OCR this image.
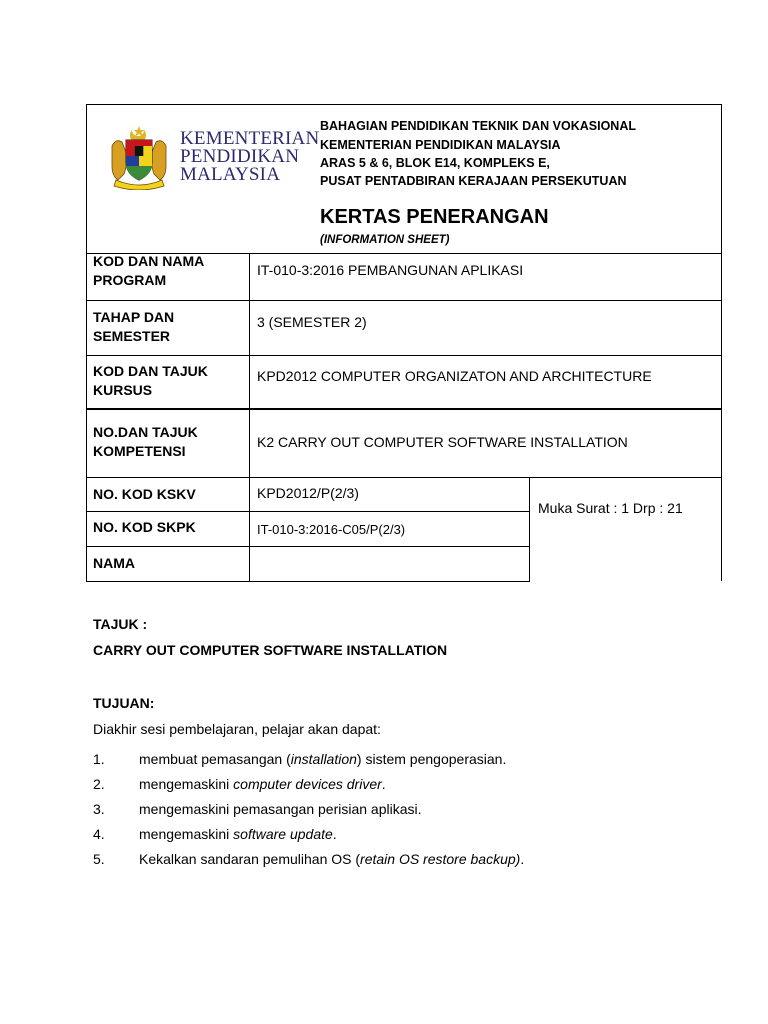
KEMENTERIAN
PENDIDIKAN
MALAYSIA
BAHAGIAN PENDIDIKAN TEKNIK DAN VOKASIONAL
KEMENTERIAN PENDIDIKAN MALAYSIA
ARAS 5 & 6, BLOK E14, KOMPLEKS E,
PUSAT PENTADBIRAN KERAJAAN PERSEKUTUAN
KERTAS PENERANGAN
(INFORMATION SHEET)
KOD DAN NAMA
PROGRAM
IT-010-3:2016 PEMBANGUNAN APLIKASI
TAHAP DAN
SEMESTER
3 (SEMESTER 2)
KOD DAN TAJUK
KURSUS
KPD2012 COMPUTER ORGANIZATON AND ARCHITECTURE
NO.DAN TAJUK
KOMPETENSI
K2 CARRY OUT COMPUTER SOFTWARE INSTALLATION
NO. KOD KSKV	KPD2012/P(2/3)
NO. KOD SKPK	IT-010-3:2016-C05/P(2/3)
NAMA
Muka Surat : 1 Drp : 21
TAJUK :
CARRY OUT COMPUTER SOFTWARE INSTALLATION
TUJUAN:
Diakhir sesi pembelajaran, pelajar akan dapat:
1. membuat pemasangan (installation) sistem pengoperasian.
2. mengemaskini computer devices driver.
3. mengemaskini pemasangan perisian aplikasi.
4. mengemaskini software update.
5. Kekalkan sandaran pemulihan OS (retain OS restore backup).
